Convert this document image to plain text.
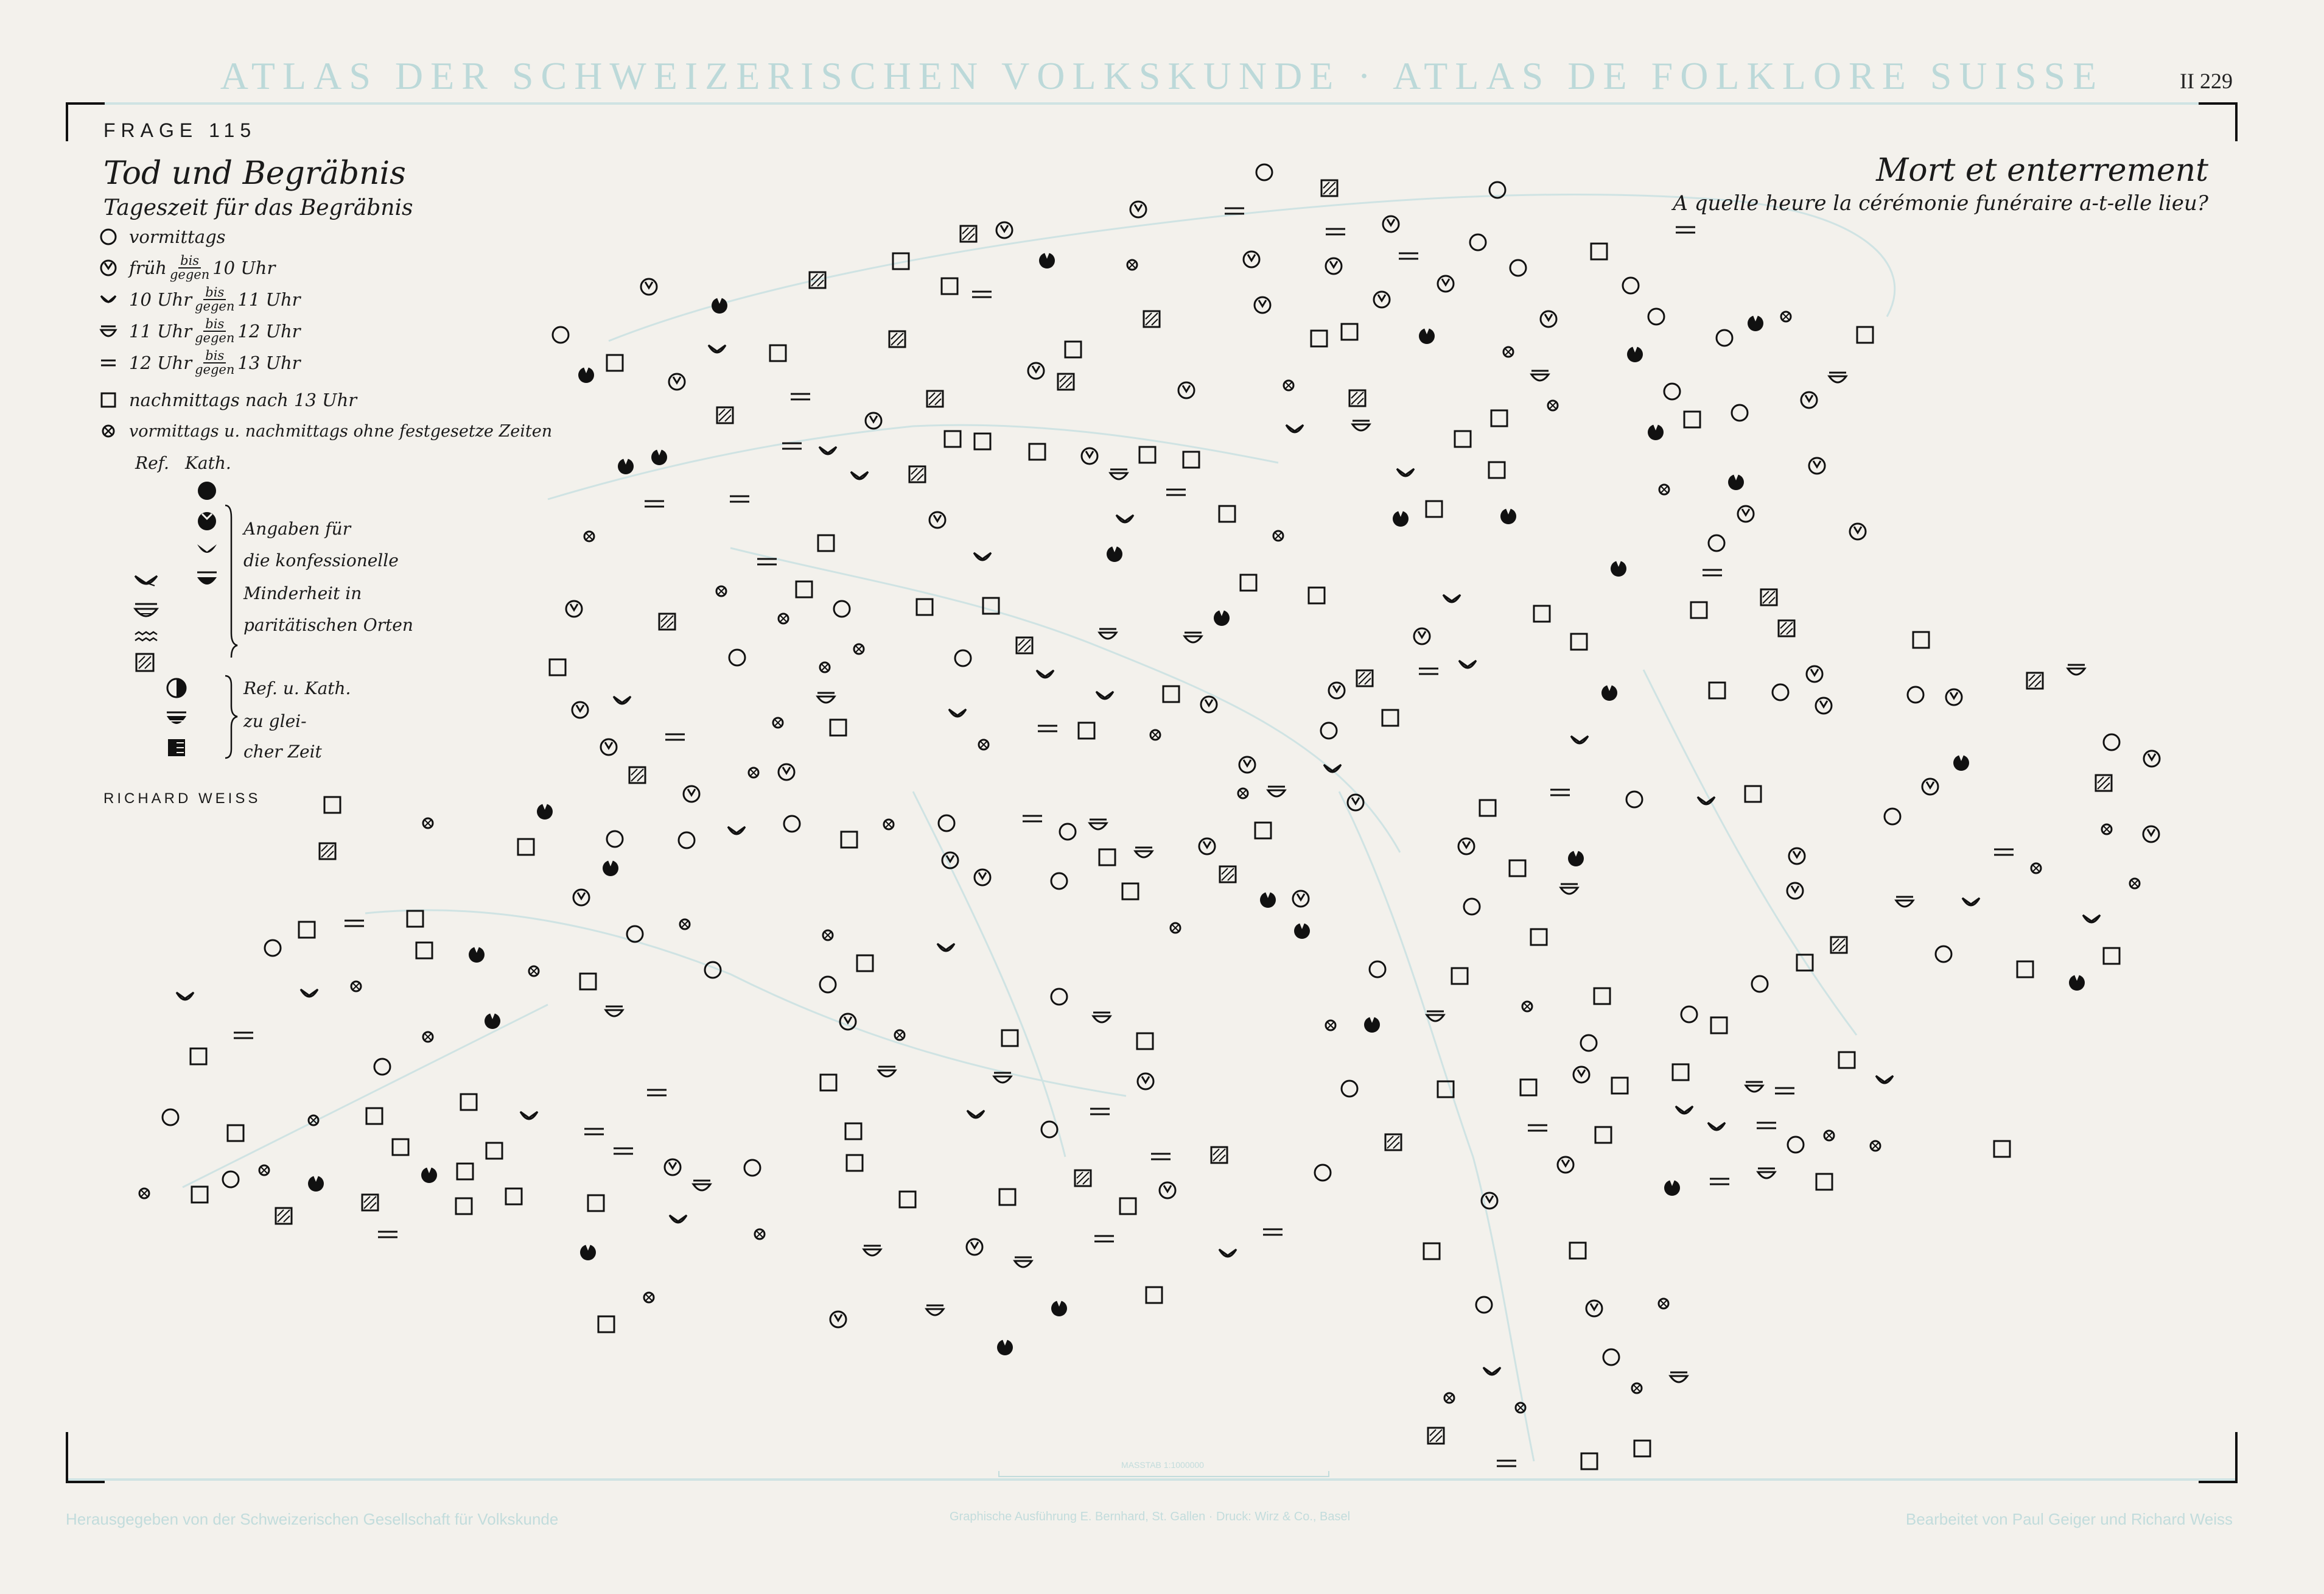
ATLAS DER SCHWEIZERISCHEN VOLKSKUNDE · ATLAS DE FOLKLORE SUISSE	II 229
FRAGE 115
Tod und Begräbnis
Tageszeit für das Begräbnis
Mort et enterrement
A quelle heure la cérémonie funéraire a-t-elle lieu?
vormittags
früh $\frac{\text{bis}}{\text{gegen}} 10$ Uhr
10 Uhr $\frac{\text{bis}}{\text{gegen}} 11$ Uhr
11 Uhr $\frac{\text{bis}}{\text{gegen}} 12$ Uhr
12 Uhr $\frac{\text{bis}}{\text{gegen}} 13$ Uhr
nachmittags nach 13 Uhr
vormittags u. nachmittags ohne festgesetze Zeiten
Ref. Kath.
Angaben für
die konfessionelle
Minderheit in
paritätischen Orten
Ref. u. Kath.
zu glei-
cher Zeit
RICHARD WEISS
MASSTAB 1:1000000
Herausgegeben von der Schweizerischen Gesellschaft für Volkskunde	Graphische Ausführung E. Bernhard, St. Gallen · Druck: Wirz & Co., Basel	Bearbeitet von Paul Geiger und Richard Weiss
